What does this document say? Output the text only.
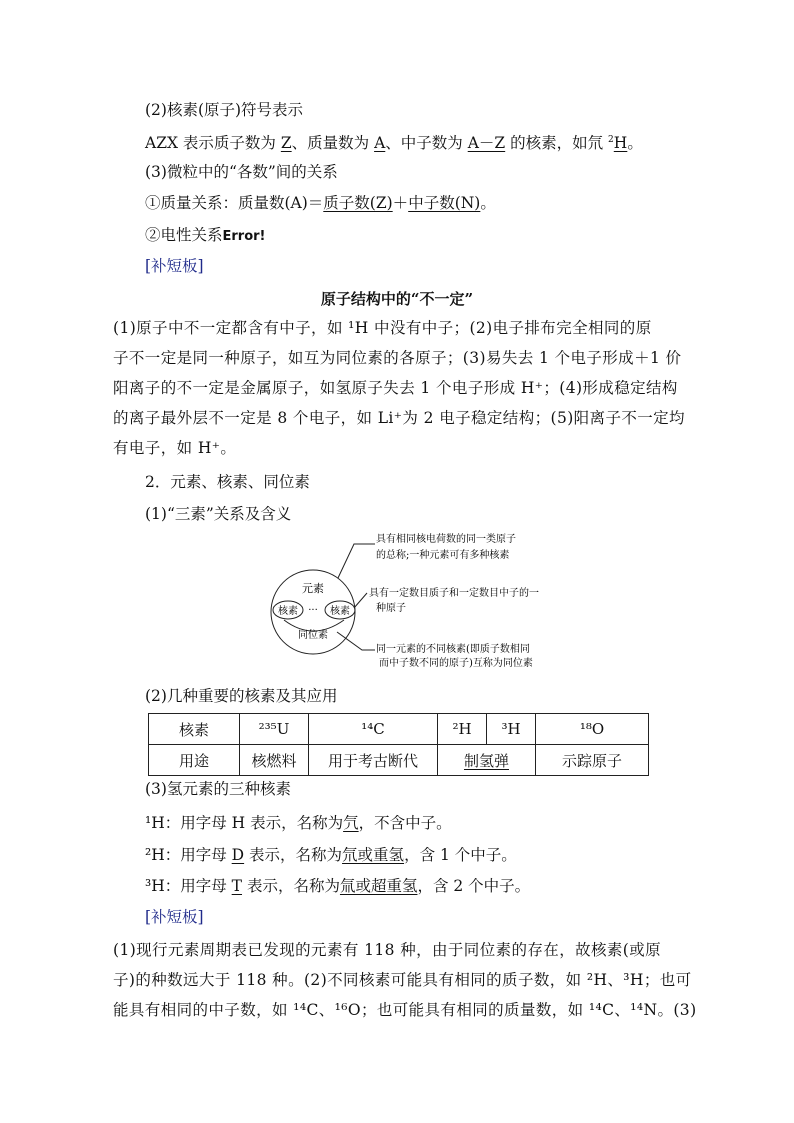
(2)核素(原子)符号表示
AZX 表示质子数为 Z、质量数为 A、中子数为 A－Z 的核素，如氘 $^2$H。
(3)微粒中的“各数”间的关系
①质量关系：质量数(A)＝质子数(Z)＋中子数(N)。
②电性关系Error!
[补短板]
原子结构中的“不一定”
(1)原子中不一定都含有中子，如 ¹H 中没有中子；(2)电子排布完全相同的原
子不一定是同一种原子，如互为同位素的各原子；(3)易失去 1 个电子形成＋1 价
阳离子的不一定是金属原子，如氢原子失去 1 个电子形成 H⁺；(4)形成稳定结构
的离子最外层不一定是 8 个电子，如 Li⁺为 2 电子稳定结构；(5)阳离子不一定均
有电子，如 H⁺。
2．元素、核素、同位素
(1)“三素”关系及含义
元素
核素 ··· 核素
同位素
具有相同核电荷数的同一类原子
的总称;一种元素可有多种核素
具有一定数目质子和一定数目中子的一
种原子
同一元素的不同核素(即质子数相同
而中子数不同的原子)互称为同位素
(2)几种重要的核素及其应用
核素	²³⁵U	¹⁴C	²H	³H	¹⁸O
用途	核燃料	用于考古断代	制氢弹		示踪原子
(3)氢元素的三种核素
¹H：用字母 H 表示，名称为氕，不含中子。
²H：用字母 D 表示，名称为氘或重氢，含 1 个中子。
³H：用字母 T 表示，名称为氚或超重氢，含 2 个中子。
[补短板]
(1)现行元素周期表已发现的元素有 118 种，由于同位素的存在，故核素(或原
子)的种数远大于 118 种。(2)不同核素可能具有相同的质子数，如 ²H、³H；也可
能具有相同的中子数，如 ¹⁴C、¹⁶O；也可能具有相同的质量数，如 ¹⁴C、¹⁴N。(3)
